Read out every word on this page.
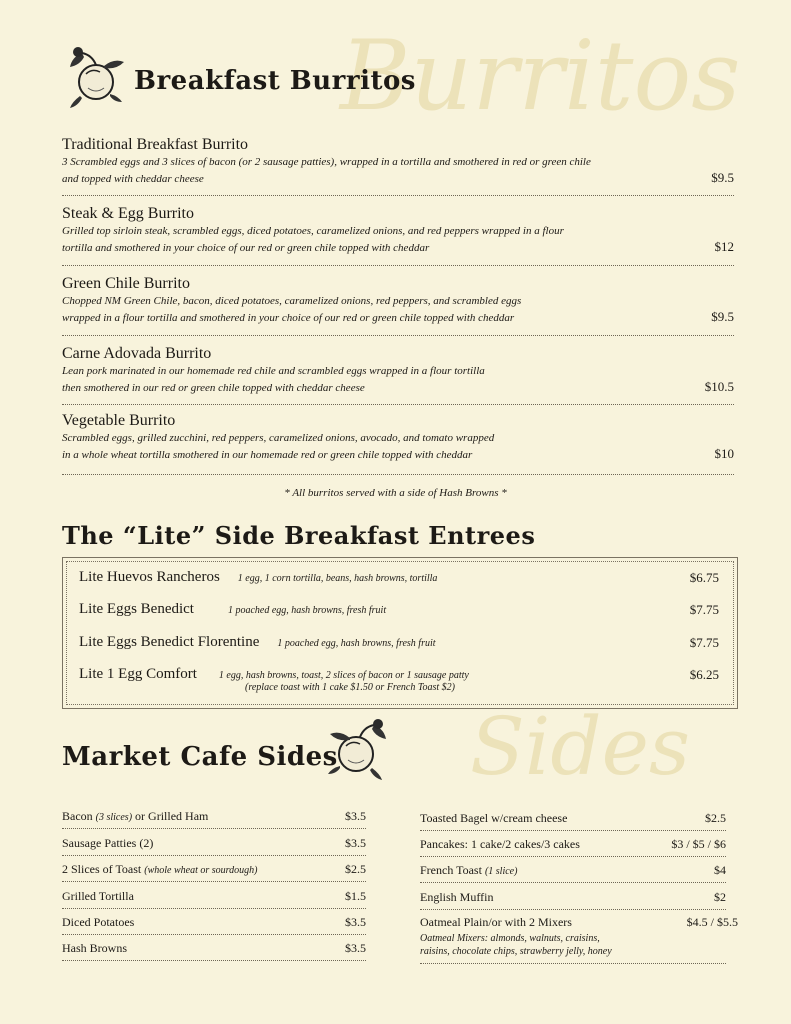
Burritos
Sides
Breakfast Burritos
Traditional Breakfast Burrito
3 Scrambled eggs and 3 slices of bacon (or 2 sausage patties), wrapped in a tortilla and smothered in red or green chile
and topped with cheddar cheese	$9.5
Steak & Egg Burrito
Grilled top sirloin steak, scrambled eggs, diced potatoes, caramelized onions, and red peppers wrapped in a flour
tortilla and smothered in your choice of our red or green chile topped with cheddar	$12
Green Chile Burrito
Chopped NM Green Chile, bacon, diced potatoes, caramelized onions, red peppers, and scrambled eggs
wrapped in a flour tortilla and smothered in your choice of our red or green chile topped with cheddar	$9.5
Carne Adovada Burrito
Lean pork marinated in our homemade red chile and scrambled eggs wrapped in a flour tortilla
then smothered in our red or green chile topped with cheddar cheese	$10.5
Vegetable Burrito
Scrambled eggs, grilled zucchini, red peppers, caramelized onions, avocado, and tomato wrapped
in a whole wheat tortilla smothered in our homemade red or green chile topped with cheddar	$10
* All burritos served with a side of Hash Browns *
The “Lite” Side Breakfast Entrees
Lite Huevos Rancheros 1 egg, 1 corn tortilla, beans, hash browns, tortilla	$6.75
Lite Eggs Benedict	1 poached egg, hash browns, fresh fruit	$7.75
Lite Eggs Benedict Florentine 1 poached egg, hash browns, fresh fruit	$7.75
Lite 1 Egg Comfort 1 egg, hash browns, toast, 2 slices of bacon or 1 sausage patty
(replace toast with 1 cake $1.50 or French Toast $2)
$6.25
Market Cafe Sides
Bacon (3 slices) or Grilled Ham	$3.5
Sausage Patties (2)	$3.5
2 Slices of Toast (whole wheat or sourdough)	$2.5
Grilled Tortilla	$1.5
Diced Potatoes	$3.5
Hash Browns	$3.5
Toasted Bagel w/cream cheese	$2.5
Pancakes: 1 cake/2 cakes/3 cakes	$3 / $5 / $6
French Toast (1 slice)	$4
English Muffin	$2
Oatmeal Plain/or with 2 Mixers	$4.5 / $5.5
Oatmeal Mixers: almonds, walnuts, craisins,
raisins, chocolate chips, strawberry jelly, honey
